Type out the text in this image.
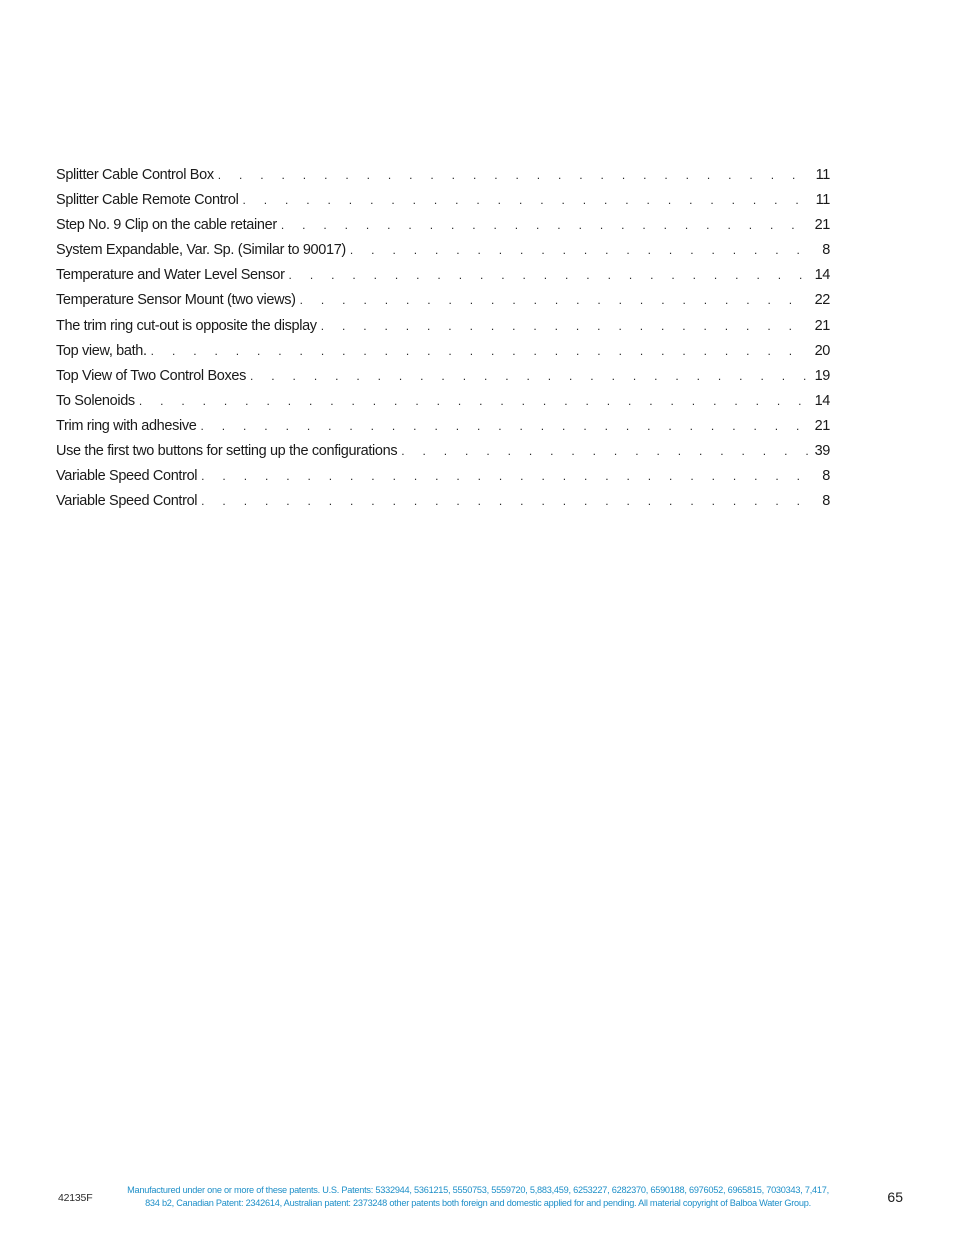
Splitter Cable Control Box . . .	11
Splitter Cable Remote Control . . .	11
Step No. 9 Clip on the cable retainer . . .	21
System Expandable, Var. Sp. (Similar to 90017) . . .	8
Temperature and Water Level Sensor . . .	14
Temperature Sensor Mount (two views) . . .	22
The trim ring cut-out is opposite the display . . .	21
Top view, bath. . . .	20
Top View of Two Control Boxes . . .	19
To Solenoids . . .	14
Trim ring with adhesive . . .	21
Use the first two buttons for setting up the configurations . . .	39
Variable Speed Control . . .	8
Variable Speed Control . . .	8
42135F
Manufactured under one or more of these patents. U.S. Patents: 5332944, 5361215, 5550753, 5559720, 5,883,459, 6253227, 6282370, 6590188, 6976052, 6965815, 7030343, 7,417,
834 b2, Canadian Patent: 2342614, Australian patent: 2373248 other patents both foreign and domestic applied for and pending. All material copyright of Balboa Water Group.	65
